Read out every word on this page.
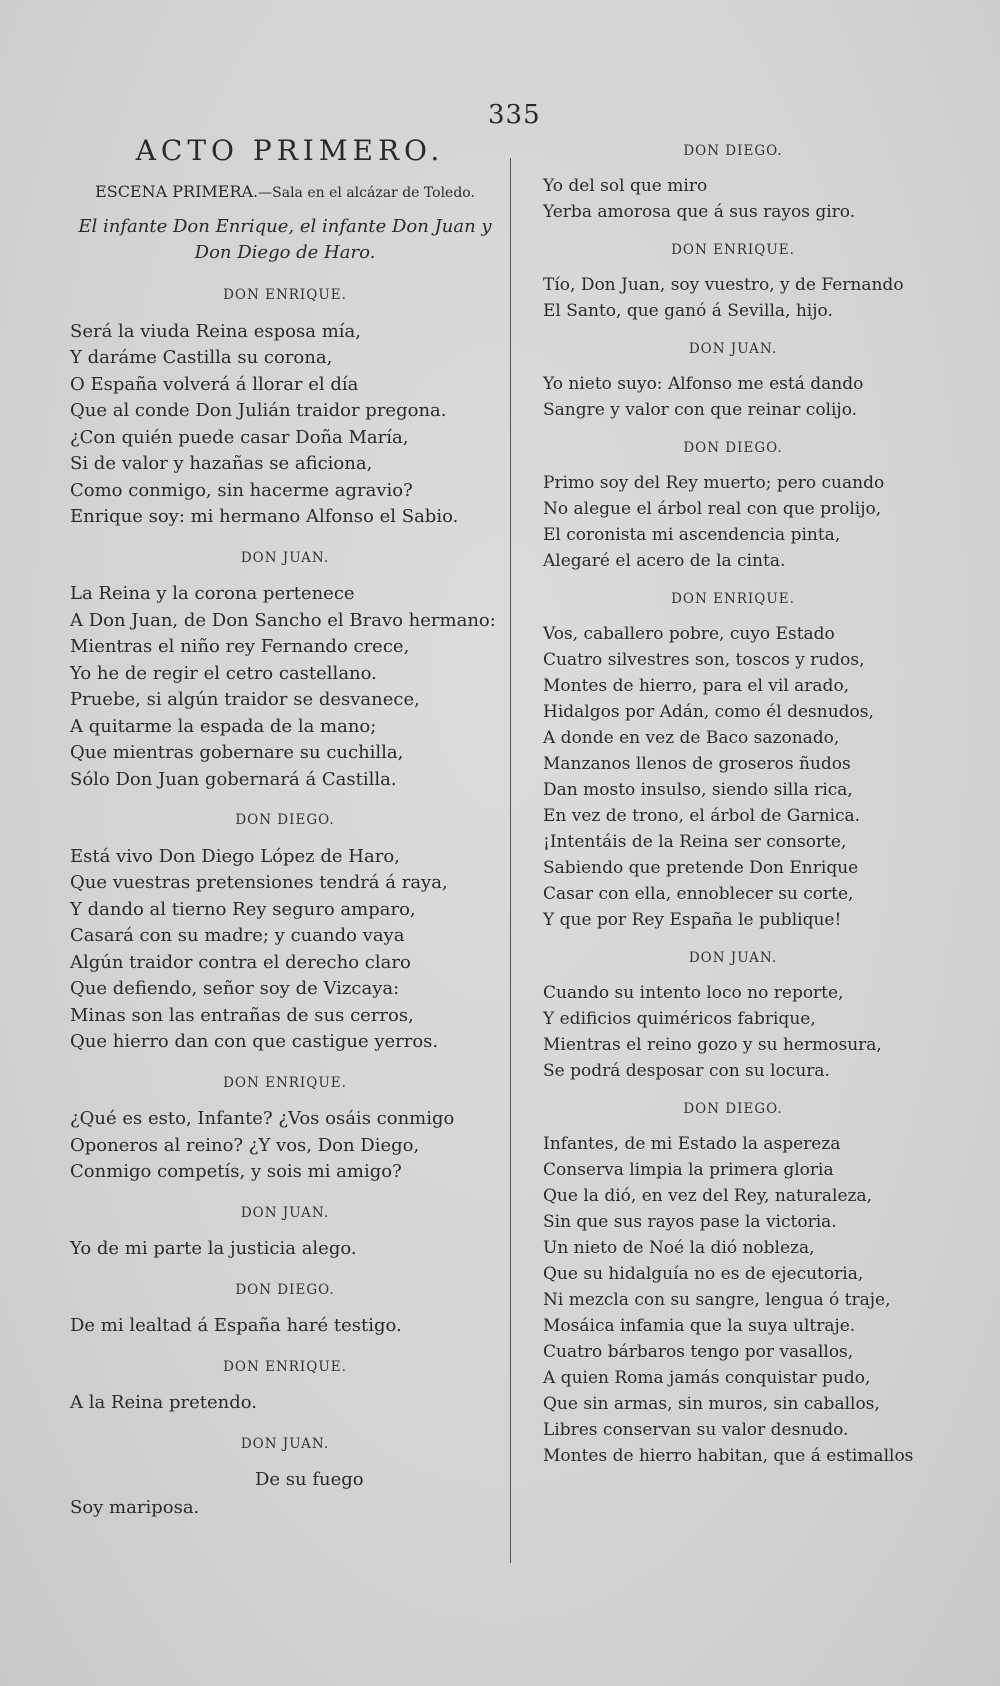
335
ACTO PRIMERO.
ESCENA PRIMERA.—Sala en el alcázar de Toledo.
El infante Don Enrique, el infante Don Juan y
Don Diego de Haro.
DON ENRIQUE.
Será la viuda Reina esposa mía,
Y daráme Castilla su corona,
O España volverá á llorar el día
Que al conde Don Julián traidor pregona.
¿Con quién puede casar Doña María,
Si de valor y hazañas se aficiona,
Como conmigo, sin hacerme agravio?
Enrique soy: mi hermano Alfonso el Sabio.
DON JUAN.
La Reina y la corona pertenece
A Don Juan, de Don Sancho el Bravo hermano:
Mientras el niño rey Fernando crece,
Yo he de regir el cetro castellano.
Pruebe, si algún traidor se desvanece,
A quitarme la espada de la mano;
Que mientras gobernare su cuchilla,
Sólo Don Juan gobernará á Castilla.
DON DIEGO.
Está vivo Don Diego López de Haro,
Que vuestras pretensiones tendrá á raya,
Y dando al tierno Rey seguro amparo,
Casará con su madre; y cuando vaya
Algún traidor contra el derecho claro
Que defiendo, señor soy de Vizcaya:
Minas son las entrañas de sus cerros,
Que hierro dan con que castigue yerros.
DON ENRIQUE.
¿Qué es esto, Infante? ¿Vos osáis conmigo
Oponeros al reino? ¿Y vos, Don Diego,
Conmigo competís, y sois mi amigo?
DON JUAN.
Yo de mi parte la justicia alego.
DON DIEGO.
De mi lealtad á España haré testigo.
DON ENRIQUE.
A la Reina pretendo.
DON JUAN.
De su fuego
Soy mariposa.
DON DIEGO.
Yo del sol que miro
Yerba amorosa que á sus rayos giro.
DON ENRIQUE.
Tío, Don Juan, soy vuestro, y de Fernando
El Santo, que ganó á Sevilla, hijo.
DON JUAN.
Yo nieto suyo: Alfonso me está dando
Sangre y valor con que reinar colijo.
DON DIEGO.
Primo soy del Rey muerto; pero cuando
No alegue el árbol real con que prolijo,
El coronista mi ascendencia pinta,
Alegaré el acero de la cinta.
DON ENRIQUE.
Vos, caballero pobre, cuyo Estado
Cuatro silvestres son, toscos y rudos,
Montes de hierro, para el vil arado,
Hidalgos por Adán, como él desnudos,
A donde en vez de Baco sazonado,
Manzanos llenos de groseros ñudos
Dan mosto insulso, siendo silla rica,
En vez de trono, el árbol de Garnica.
¡Intentáis de la Reina ser consorte,
Sabiendo que pretende Don Enrique
Casar con ella, ennoblecer su corte,
Y que por Rey España le publique!
DON JUAN.
Cuando su intento loco no reporte,
Y edificios quiméricos fabrique,
Mientras el reino gozo y su hermosura,
Se podrá desposar con su locura.
DON DIEGO.
Infantes, de mi Estado la aspereza
Conserva limpia la primera gloria
Que la dió, en vez del Rey, naturaleza,
Sin que sus rayos pase la victoria.
Un nieto de Noé la dió nobleza,
Que su hidalguía no es de ejecutoria,
Ni mezcla con su sangre, lengua ó traje,
Mosáica infamia que la suya ultraje.
Cuatro bárbaros tengo por vasallos,
A quien Roma jamás conquistar pudo,
Que sin armas, sin muros, sin caballos,
Libres conservan su valor desnudo.
Montes de hierro habitan, que á estimallos
